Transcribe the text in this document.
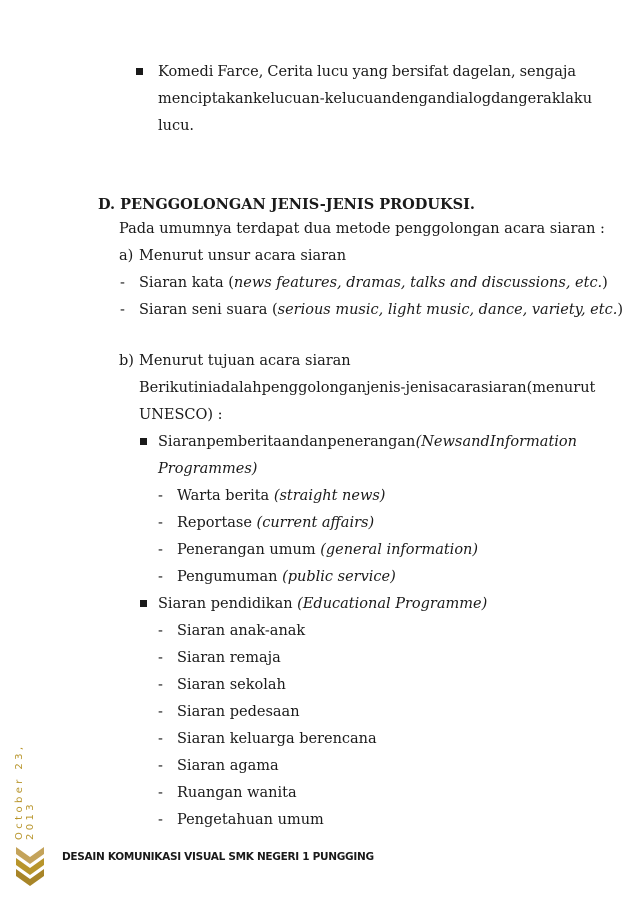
Komedi Farce, Cerita lucu yang bersifat dagelan, sengaja
menciptakan kelucuan-kelucuan dengan dialog dan gerak laku
lucu.
D. PENGGOLONGAN JENIS-JENIS PRODUKSI.
Pada umumnya terdapat dua metode penggolongan acara siaran :
a) Menurut unsur acara siaran
- Siaran kata (news features, dramas, talks and discussions, etc.)
- Siaran seni suara (serious music, light music, dance, variety, etc.)
b) Menurut tujuan acara siaran
Berikut ini adalah penggolongan jenis-jenis acara siaran (menurut
UNESCO) :
Siaran pemberitaan dan penerangan (News and Information
Programmes)
- Warta berita (straight news)
- Reportase (current affairs)
- Penerangan umum (general information)
- Pengumuman (public service)
Siaran pendidikan (Educational Programme)
- Siaran anak-anak
- Siaran remaja
- Siaran sekolah
- Siaran pedesaan
- Siaran keluarga berencana
- Siaran agama
- Ruangan wanita
- Pengetahuan umum
October 23, 2013
DESAIN KOMUNIKASI VISUAL SMK NEGERI 1 PUNGGING
